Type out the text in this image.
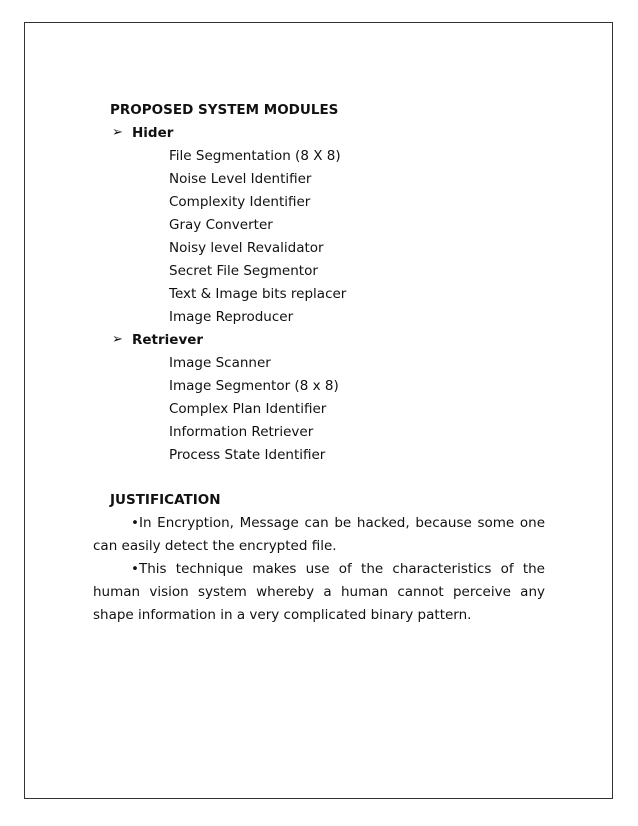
PROPOSED SYSTEM MODULES
➢ Hider
File Segmentation (8 X 8)
Noise Level Identifier
Complexity Identifier
Gray Converter
Noisy level Revalidator
Secret File Segmentor
Text & Image bits replacer
Image Reproducer
➢ Retriever
Image Scanner
Image Segmentor (8 x 8)
Complex Plan Identifier
Information Retriever
Process State Identifier
JUSTIFICATION
•In Encryption, Message can be hacked, because some one can easily detect the encrypted file.
•This technique makes use of the characteristics of the human vision system whereby a human cannot perceive any shape information in a very complicated binary pattern.
